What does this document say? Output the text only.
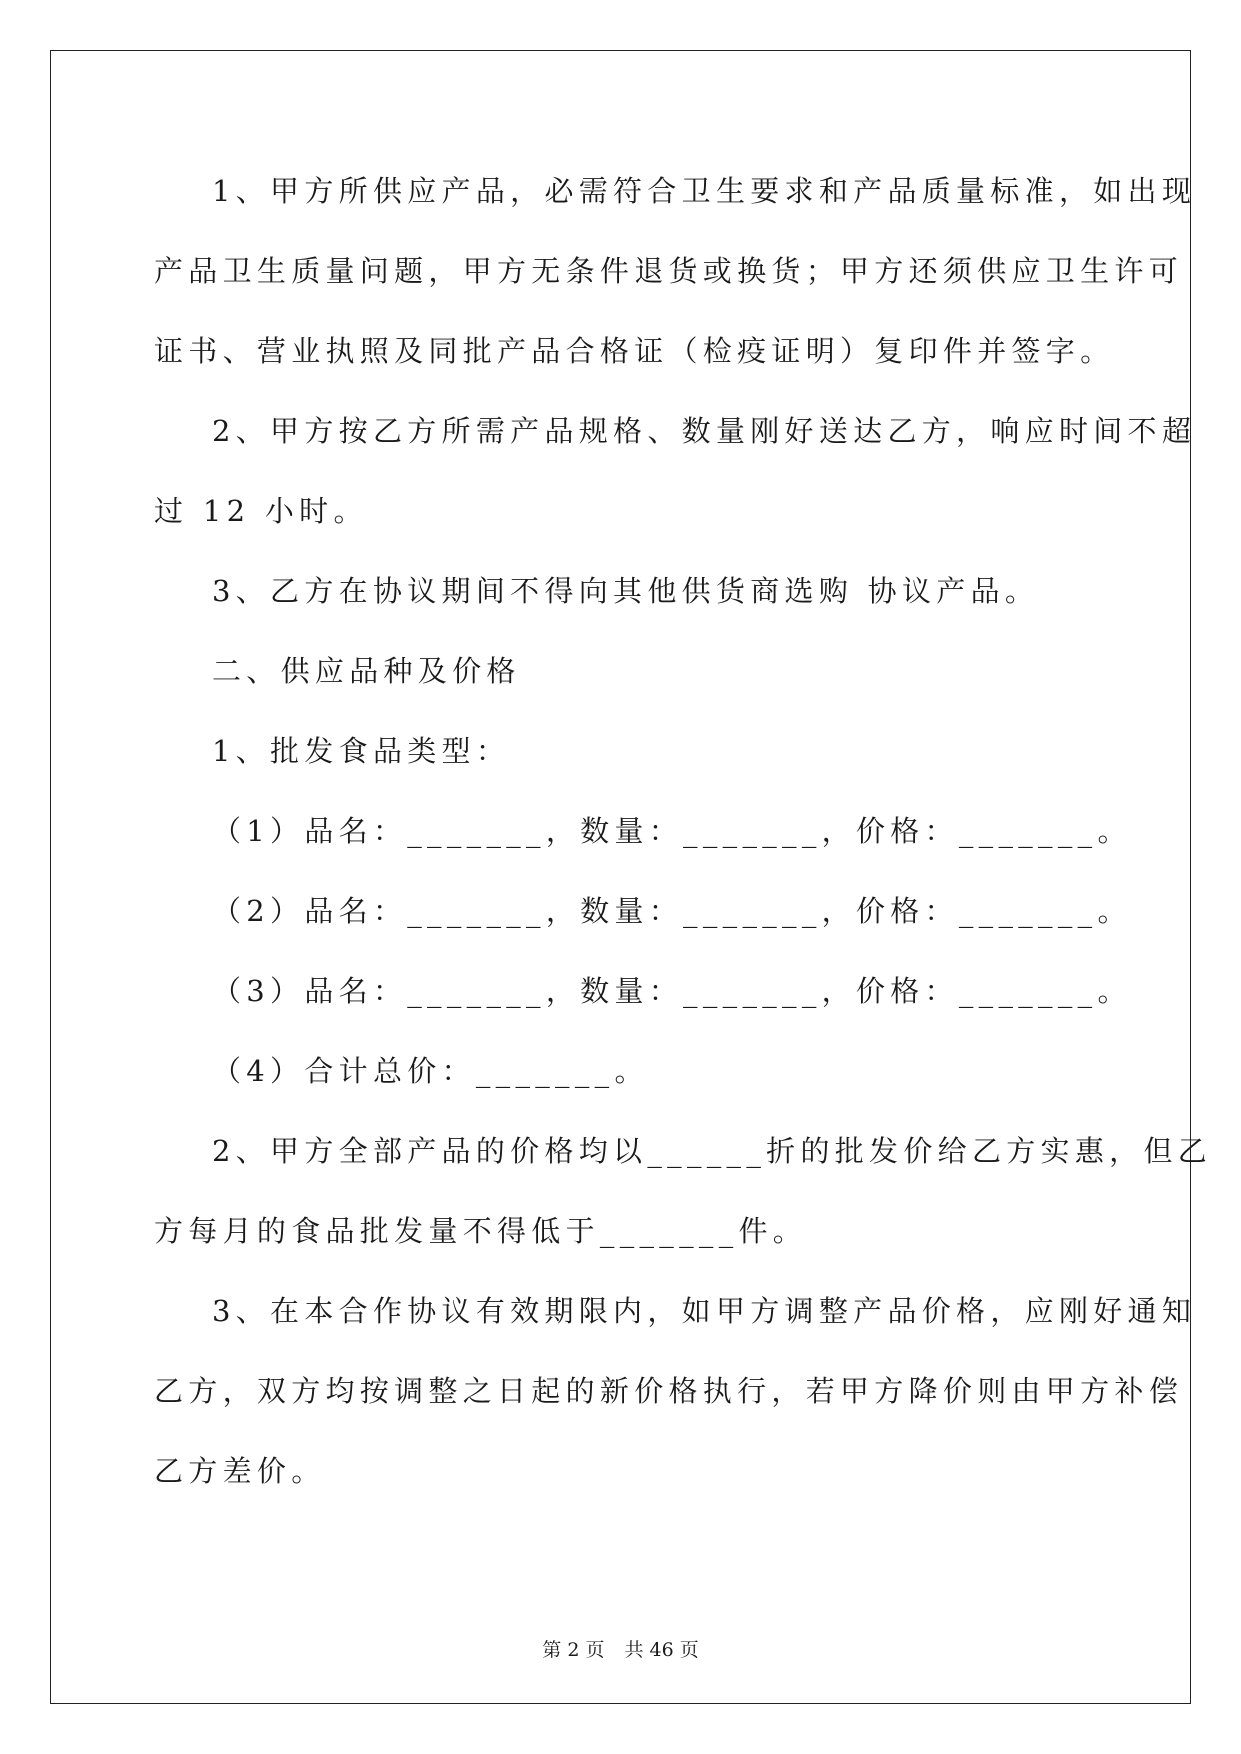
1、甲方所供应产品，必需符合卫生要求和产品质量标准，如出现
产品卫生质量问题，甲方无条件退货或换货；甲方还须供应卫生许可
证书、营业执照及同批产品合格证（检疫证明）复印件并签字。
2、甲方按乙方所需产品规格、数量刚好送达乙方，响应时间不超
过 12 小时。
3、乙方在协议期间不得向其他供货商选购 协议产品。
二、供应品种及价格
1、批发食品类型：
（1）品名：_______，数量：_______，价格：_______。
（2）品名：_______，数量：_______，价格：_______。
（3）品名：_______，数量：_______，价格：_______。
（4）合计总价：_______。
2、甲方全部产品的价格均以______折的批发价给乙方实惠，但乙
方每月的食品批发量不得低于_______件。
3、在本合作协议有效期限内，如甲方调整产品价格，应刚好通知
乙方，双方均按调整之日起的新价格执行，若甲方降价则由甲方补偿
乙方差价。
第 2 页 共 46 页
